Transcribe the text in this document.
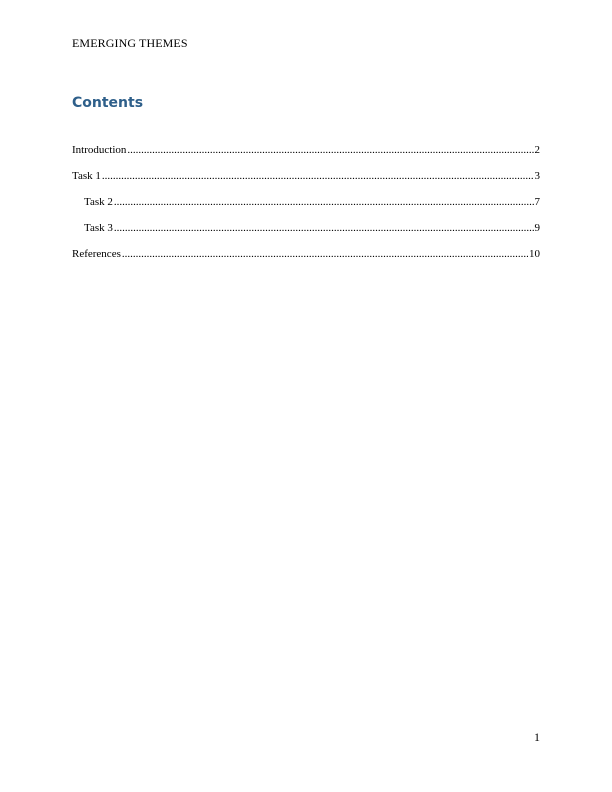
EMERGING THEMES
Contents
Introduction .....	2
Task 1 .....	3
Task 2 .....	7
Task 3 .....	9
References .....	10
1
